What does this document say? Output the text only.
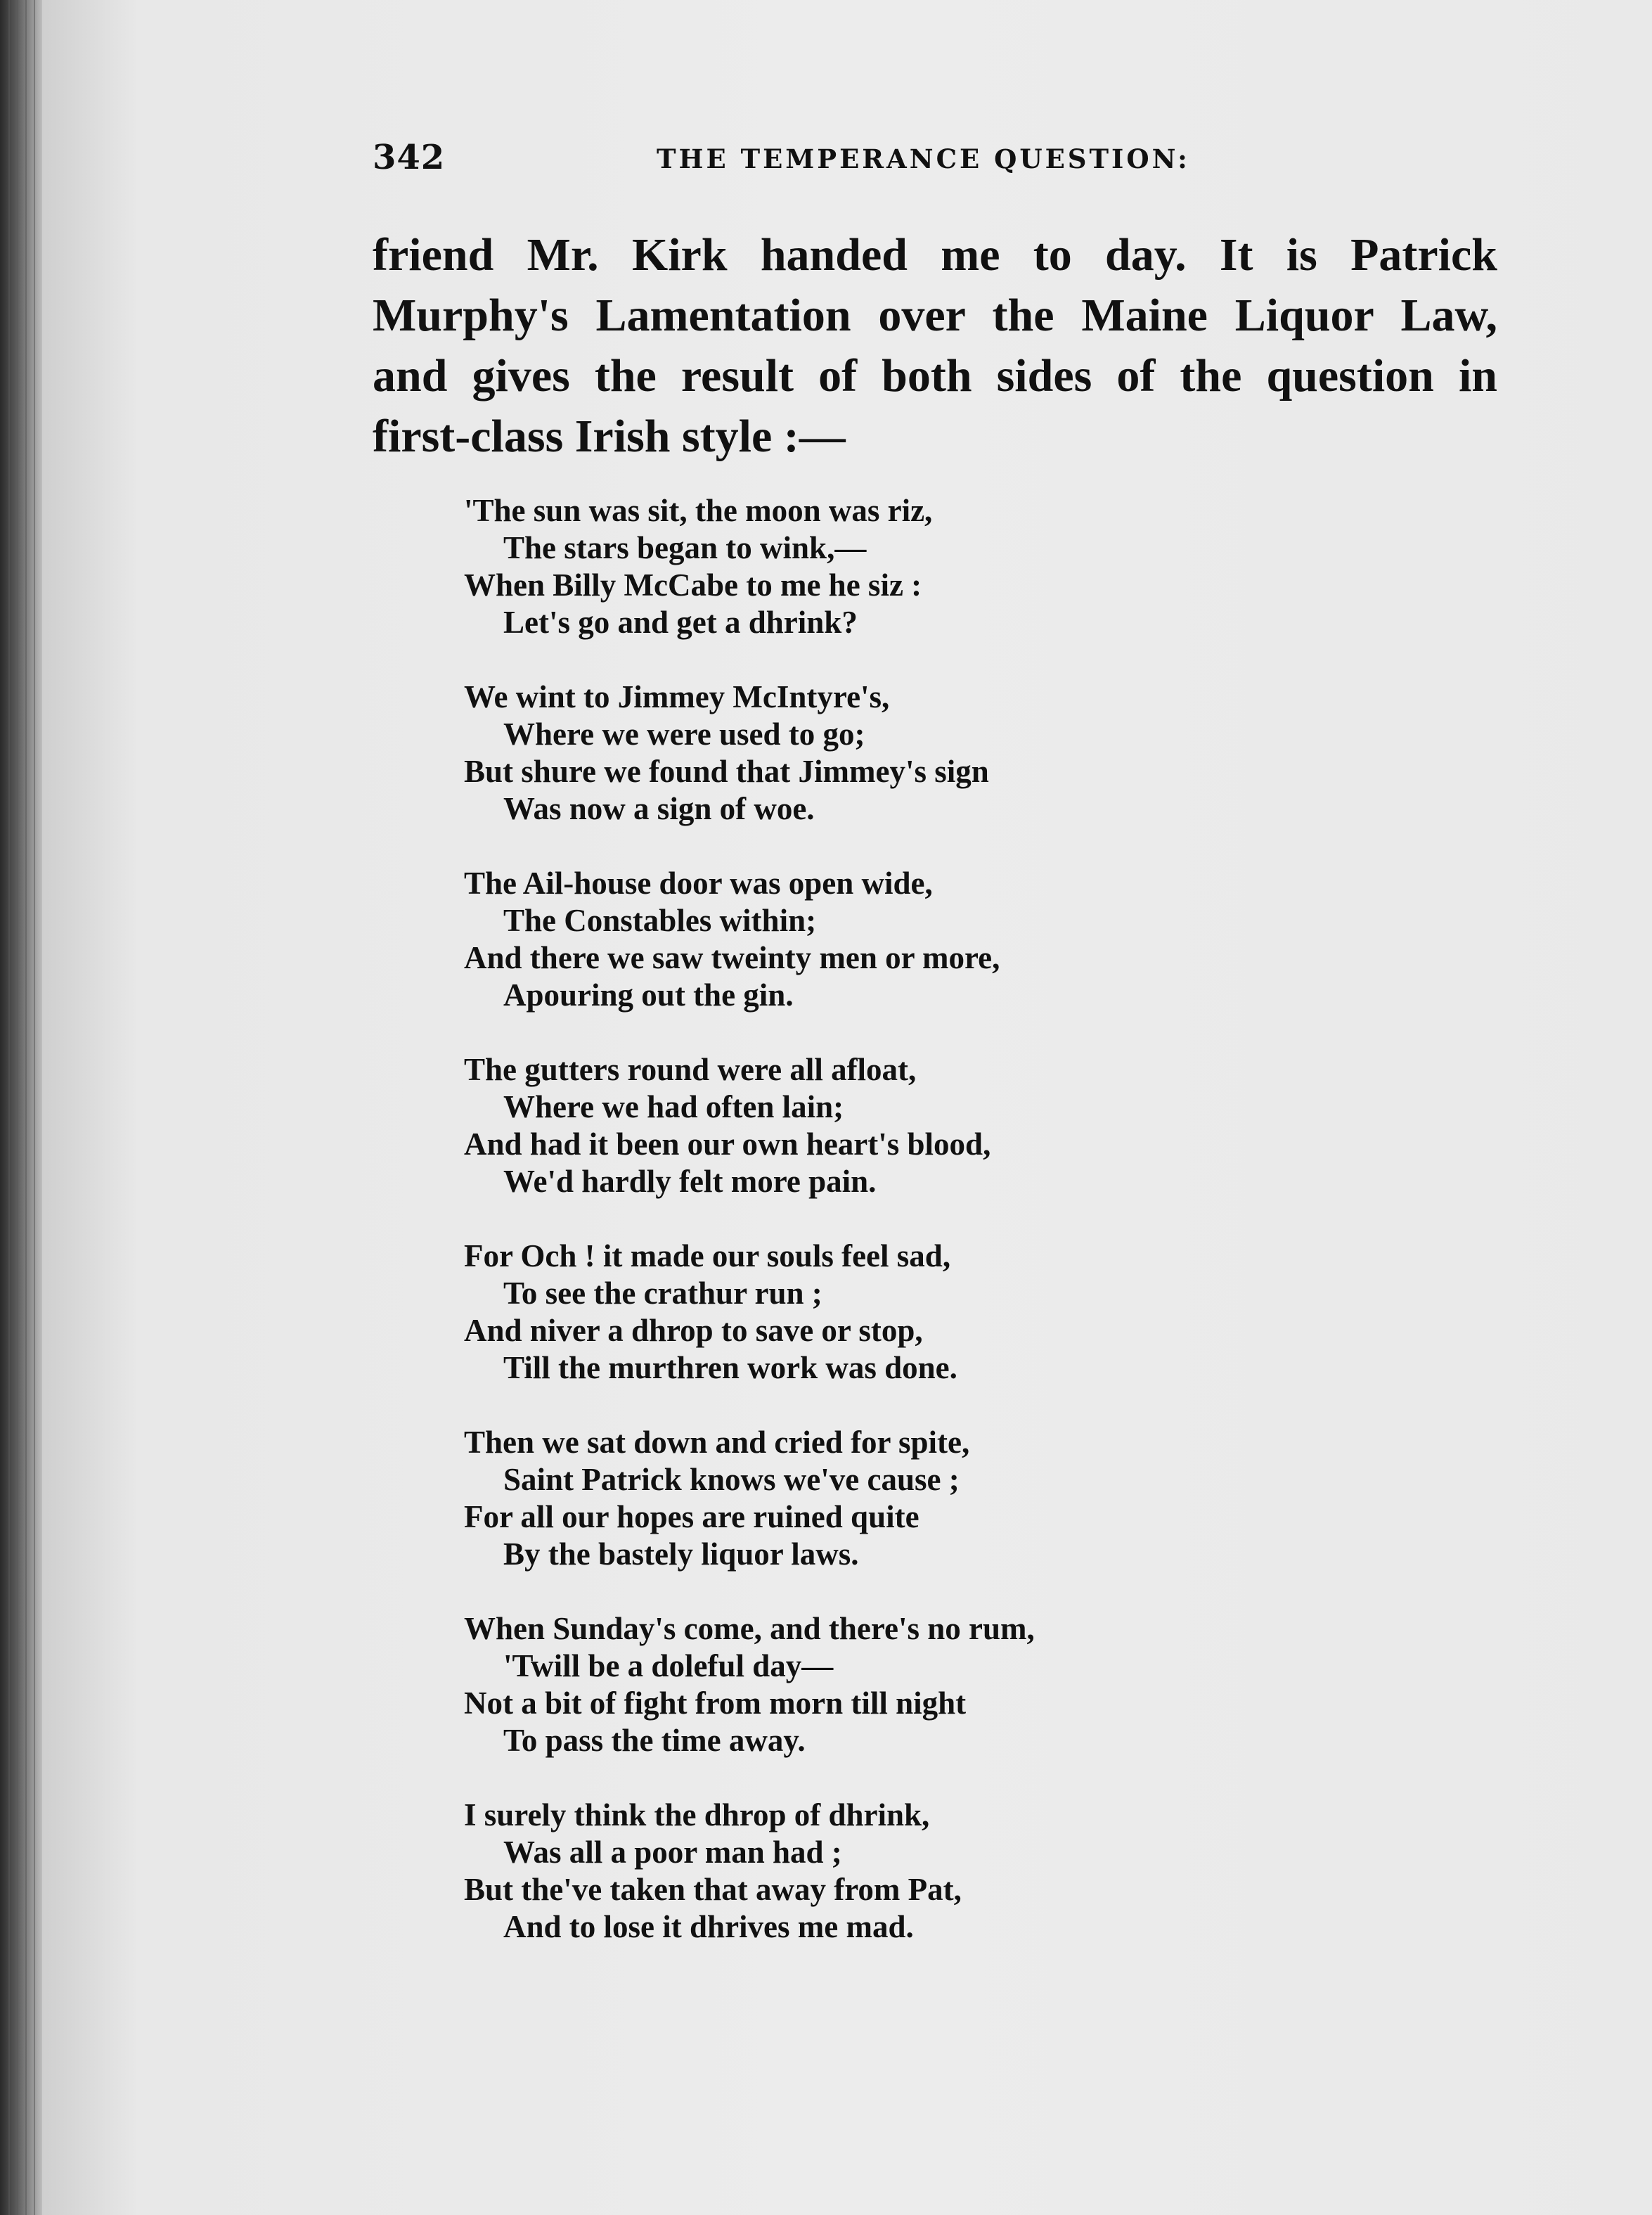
342	THE TEMPERANCE QUESTION:
friend Mr. Kirk handed me to day. It is Patrick
Murphy's Lamentation over the Maine Liquor Law,
and gives the result of both sides of the question in
first-class Irish style :—
'The sun was sit, the moon was riz,
The stars began to wink,—
When Billy McCabe to me he siz :
Let's go and get a dhrink?
We wint to Jimmey McIntyre's,
Where we were used to go;
But shure we found that Jimmey's sign
Was now a sign of woe.
The Ail-house door was open wide,
The Constables within;
And there we saw tweinty men or more,
Apouring out the gin.
The gutters round were all afloat,
Where we had often lain;
And had it been our own heart's blood,
We'd hardly felt more pain.
For Och ! it made our souls feel sad,
To see the crathur run ;
And niver a dhrop to save or stop,
Till the murthren work was done.
Then we sat down and cried for spite,
Saint Patrick knows we've cause ;
For all our hopes are ruined quite
By the bastely liquor laws.
When Sunday's come, and there's no rum,
'Twill be a doleful day—
Not a bit of fight from morn till night
To pass the time away.
I surely think the dhrop of dhrink,
Was all a poor man had ;
But the've taken that away from Pat,
And to lose it dhrives me mad.
